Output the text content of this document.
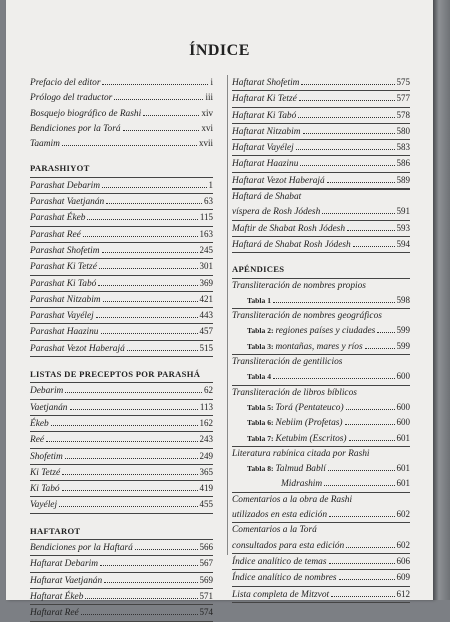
ÍNDICE
Prefacio del editor	i
Prólogo del traductor	iii
Bosquejo biográfico de Rashi	xiv
Bendiciones por la Torá	xvi
Taamim	xvii
PARASHIYOT
Parashat Debarim	1
Parashat Vaetjanán	63
Parashat Ékeb	115
Parashat Reé	163
Parashat Shofetim	245
Parashat Ki Tetzé	301
Parashat Ki Tabó	369
Parashat Nitzabim	421
Parashat Vayélej	443
Parashat Haazinu	457
Parashat Vezot Haberajá	515
LISTAS DE PRECEPTOS POR PARASHÁ
Debarim	62
Vaetjanán	113
Ékeb	162
Reé	243
Shofetim	249
Ki Tetzé	365
Ki Tabó	419
Vayélej	455
HAFTAROT
Bendiciones por la Haftará	566
Haftarat Debarim	567
Haftarat Vaetjanán	569
Haftarat Ékeb	571
Haftarat Reé	574
Haftarat Shofetim	575
Haftarat Ki Tetzé	577
Haftarat Ki Tabó	578
Haftarat Nitzabim	580
Haftarat Vayélej	583
Haftarat Haazinu	586
Haftarat Vezot Haberajá	589
Haftará de Shabat
víspera de Rosh Jódesh	591
Maftir de Shabat Rosh Jódesh	593
Haftará de Shabat Rosh Jódesh	594
APÉNDICES
Transliteración de nombres propios
Tabla 1	598
Transliteración de nombres geográficos
Tabla 2: regiones países y ciudades 599
Tabla 3: montañas, mares y ríos	599
Transliteración de gentilicios
Tabla 4	600
Transliteración de libros bíblicos
Tabla 5: Torá (Pentateuco)	600
Tabla 6: Nebiim (Profetas)	600
Tabla 7: Ketubim (Escritos)	601
Literatura rabínica citada por Rashi
Tabla 8: Talmud Bablí	601
Midrashim	601
Comentarios a la obra de Rashi
utilizados en esta edición	602
Comentarios a la Torá
consultados para esta edición	602
Índice analítico de temas	606
Índice analítico de nombres	609
Lista completa de Mitzvot	612
